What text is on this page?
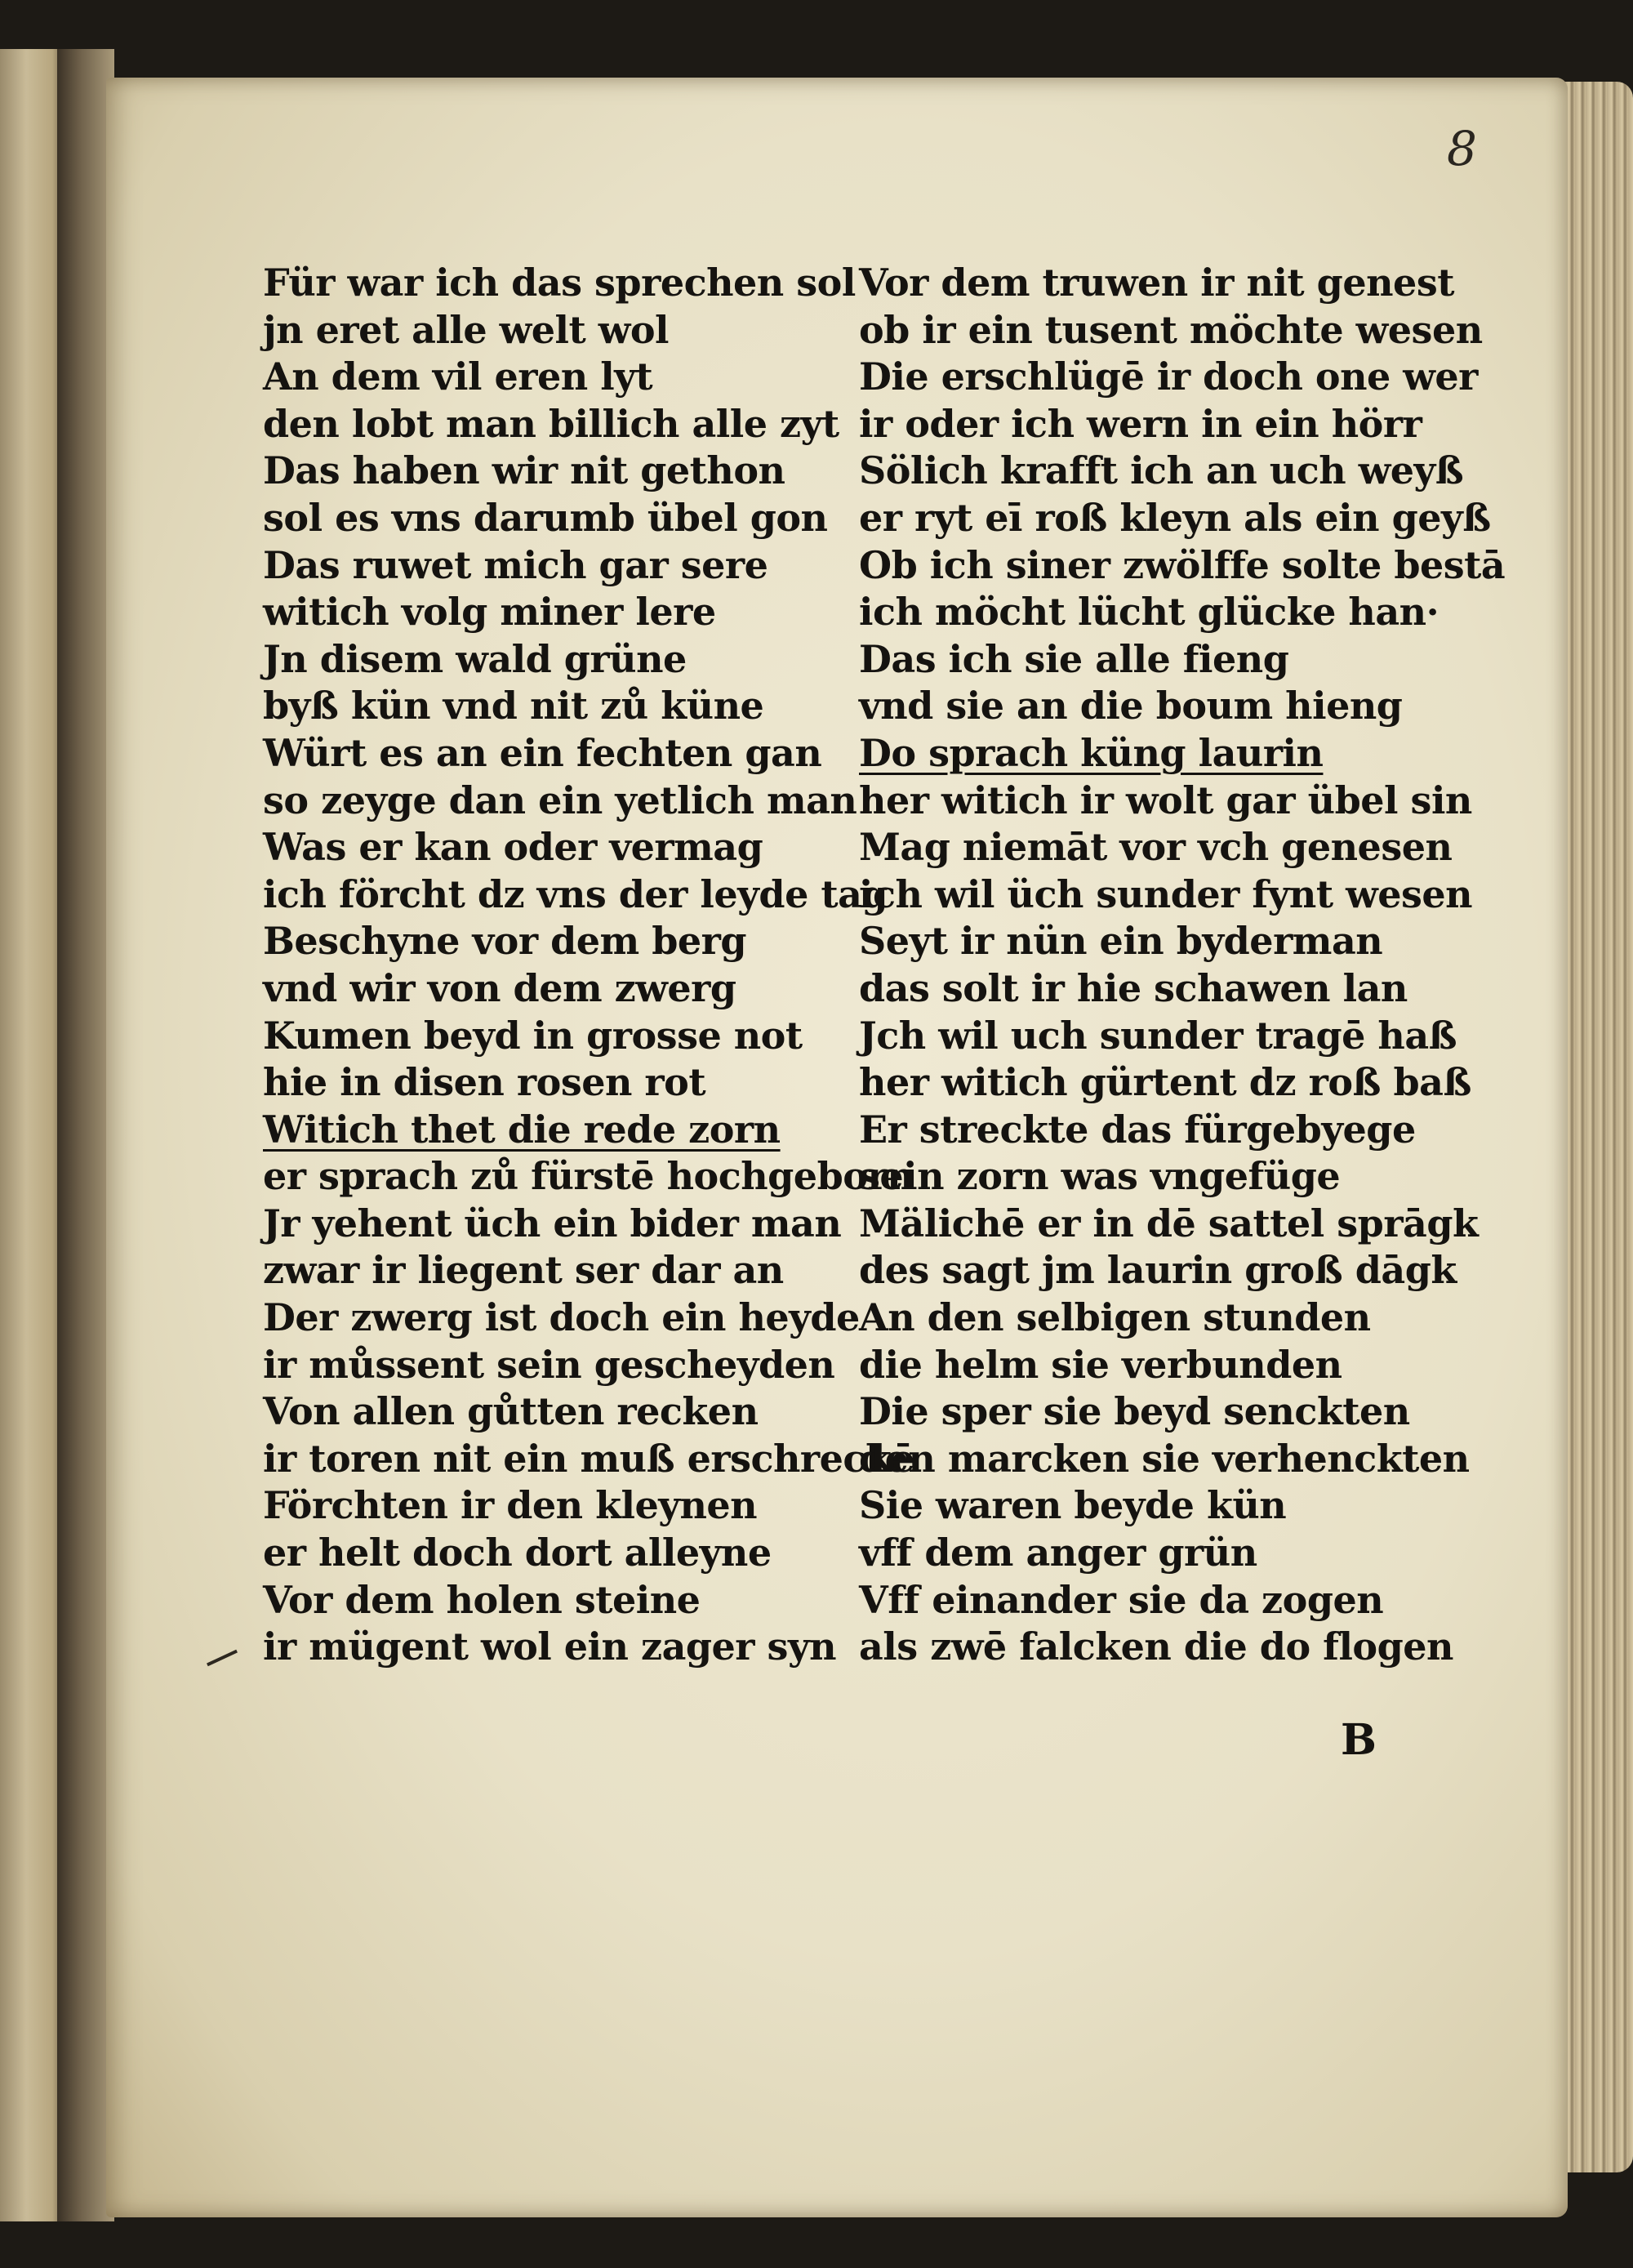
8
Für war ich das sprechen sol
jn eret alle welt wol
An dem vil eren lyt
den lobt man billich alle zyt
Das haben wir nit gethon
sol es vns darumb übel gon
Das ruwet mich gar sere
witich volg miner lere
Jn disem wald grüne
byß kün vnd nit zů küne
Würt es an ein fechten gan
so zeyge dan ein yetlich man
Was er kan oder vermag
ich förcht dz vns der leyde tag
Beschyne vor dem berg
vnd wir von dem zwerg
Kumen beyd in grosse not
hie in disen rosen rot
Witich thet die rede zorn
er sprach zů fürstē hochgeborn
Jr yehent üch ein bider man
zwar ir liegent ser dar an
Der zwerg ist doch ein heyde
ir můssent sein gescheyden
Von allen gůtten recken
ir toren nit ein muß erschreckē
Förchten ir den kleynen
er helt doch dort alleyne
Vor dem holen steine
ir mügent wol ein zager syn
Vor dem truwen ir nit genest
ob ir ein tusent möchte wesen
Die erschlügē ir doch one wer
ir oder ich wern in ein hörr
Sölich krafft ich an uch weyß
er ryt eī roß kleyn als ein geyß
Ob ich siner zwölffe solte bestā
ich möcht lücht glücke han·
Das ich sie alle fieng
vnd sie an die boum hieng
Do sprach küng laurin
her witich ir wolt gar übel sin
Mag niemāt vor vch genesen
ich wil üch sunder fynt wesen
Seyt ir nün ein byderman
das solt ir hie schawen lan
Jch wil uch sunder tragē haß
her witich gürtent dz roß baß
Er streckte das fürgebyege
sein zorn was vngefüge
Mälichē er in dē sattel sprāgk
des sagt jm laurin groß dāgk
An den selbigen stunden
die helm sie verbunden
Die sper sie beyd senckten
den marcken sie verhenckten
Sie waren beyde kün
vff dem anger grün
Vff einander sie da zogen
als zwē falcken die do flogen
B
